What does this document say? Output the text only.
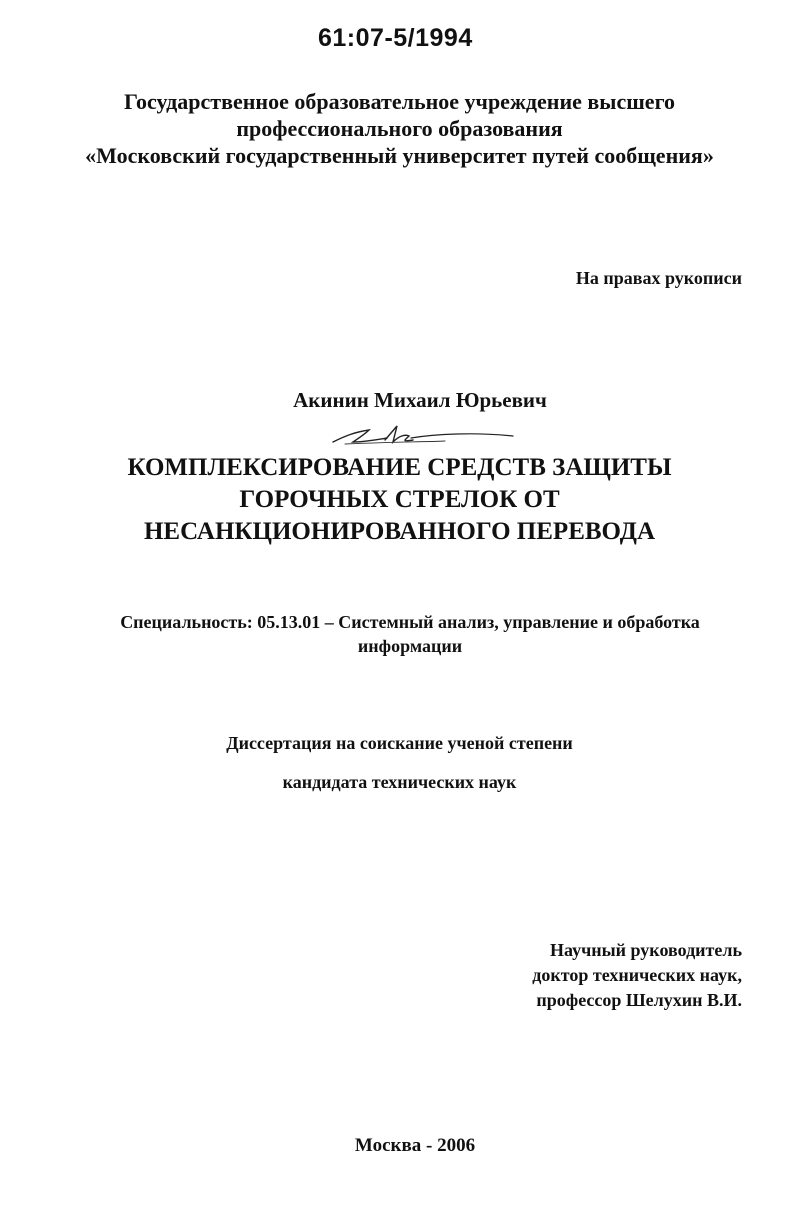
61:07-5/1994
Государственное образовательное учреждение высшего
профессионального образования
«Московский государственный университет путей сообщения»
На правах рукописи
Акинин Михаил Юрьевич
КОМПЛЕКСИРОВАНИЕ СРЕДСТВ ЗАЩИТЫ
ГОРОЧНЫХ СТРЕЛОК ОТ
НЕСАНКЦИОНИРОВАННОГО ПЕРЕВОДА
Специальность: 05.13.01 – Системный анализ, управление и обработка
информации
Диссертация на соискание ученой степени
кандидата технических наук
Научный руководитель
доктор технических наук,
профессор Шелухин В.И.
Москва - 2006
